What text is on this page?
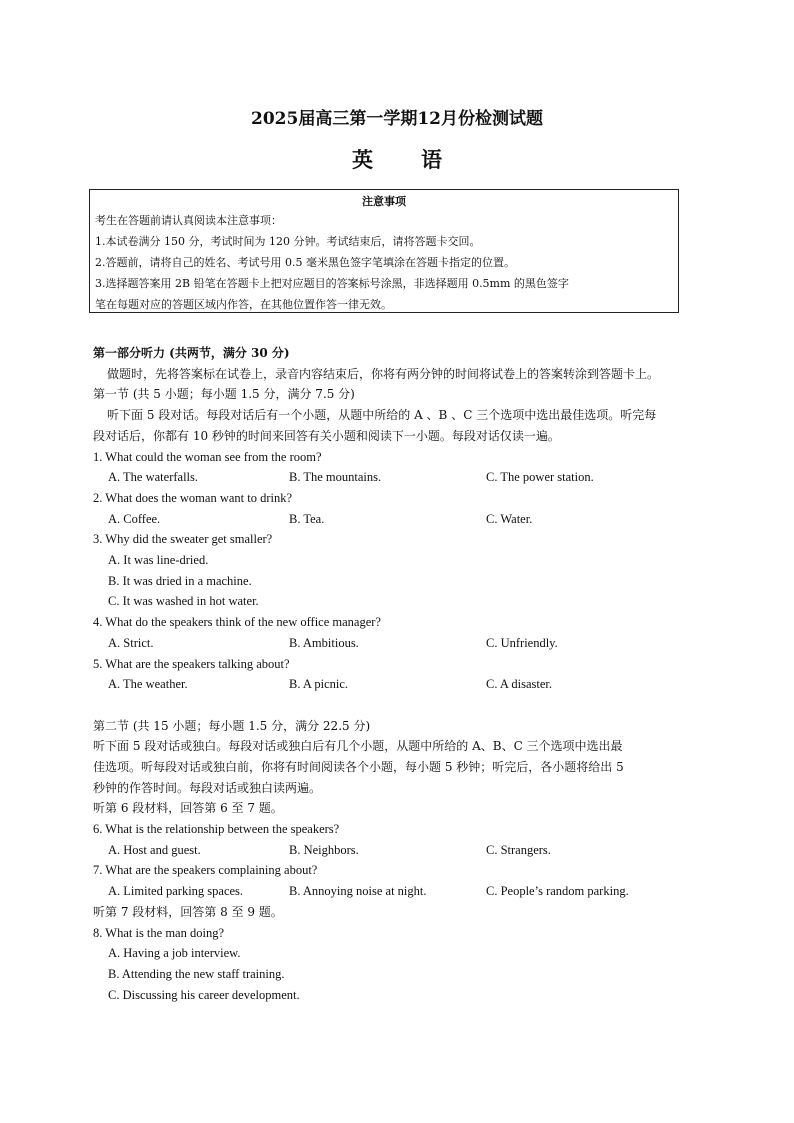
2025届高三第一学期12月份检测试题
英 语
注意事项
考生在答题前请认真阅读本注意事项：
1.本试卷满分 150 分，考试时间为 120 分钟。考试结束后，请将答题卡交回。
2.答题前，请将自己的姓名、考试号用 0.5 毫米黑色签字笔填涂在答题卡指定的位置。
3.选择题答案用 2B 铅笔在答题卡上把对应题目的答案标号涂黑，非选择题用 0.5mm 的黑色签字
笔在每题对应的答题区域内作答，在其他位置作答一律无效。
第一部分听力 (共两节，满分 30 分)
做题时，先将答案标在试卷上，录音内容结束后，你将有两分钟的时间将试卷上的答案转涂到答题卡上。
第一节 (共 5 小题；每小题 1.5 分，满分 7.5 分)
听下面 5 段对话。每段对话后有一个小题，从题中所给的 A 、B 、C 三个选项中选出最佳选项。听完每
段对话后，你都有 10 秒钟的时间来回答有关小题和阅读下一小题。每段对话仅读一遍。
1. What could the woman see from the room?
A. The waterfalls.	B. The mountains.	C. The power station.
2. What does the woman want to drink?
A. Coffee.	B. Tea.	C. Water.
3. Why did the sweater get smaller?
A. It was line-dried.
B. It was dried in a machine.
C. It was washed in hot water.
4. What do the speakers think of the new office manager?
A. Strict.	B. Ambitious.	C. Unfriendly.
5. What are the speakers talking about?
A. The weather.	B. A picnic.	C. A disaster.
第二节 (共 15 小题；每小题 1.5 分，满分 22.5 分)
听下面 5 段对话或独白。每段对话或独白后有几个小题，从题中所给的 A、B、C 三个选项中选出最
佳选项。听每段对话或独白前，你将有时间阅读各个小题，每小题 5 秒钟；听完后，各小题将给出 5
秒钟的作答时间。每段对话或独白读两遍。
听第 6 段材料，回答第 6 至 7 题。
6. What is the relationship between the speakers?
A. Host and guest.	B. Neighbors.	C. Strangers.
7. What are the speakers complaining about?
A. Limited parking spaces.	B. Annoying noise at night.	C. People’s random parking.
听第 7 段材料，回答第 8 至 9 题。
8. What is the man doing?
A. Having a job interview.
B. Attending the new staff training.
C. Discussing his career development.
